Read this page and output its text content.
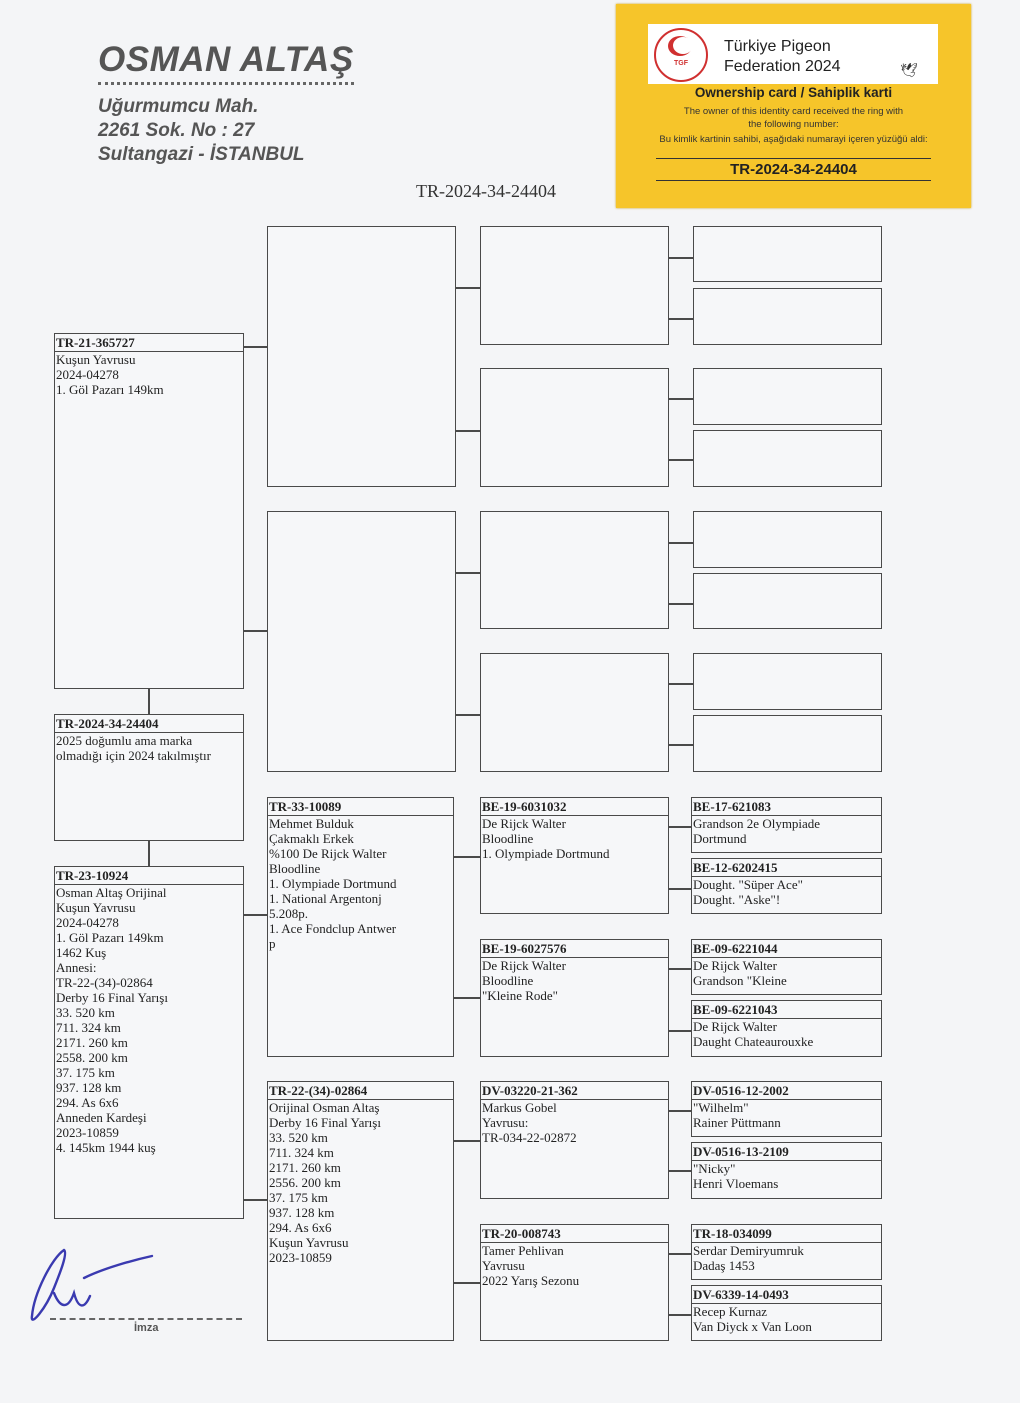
OSMAN ALTAŞ
Uğurmumcu Mah.
2261 Sok. No : 27
Sultangazi - İSTANBUL
TR-2024-34-24404
TGF
Türkiye Pigeon
Federation 2024	🕊
Ownership card / Sahiplik karti
The owner of this identity card received the ring with
the following number:
Bu kimlik kartinin sahibi, aşağıdaki numarayi içeren yüzüğü aldi:
TR-2024-34-24404
TR-21-365727
Kuşun Yavrusu
2024-04278
1. Göl Pazarı 149km
TR-2024-34-24404
2025 doğumlu ama marka
olmadığı için 2024 takılmıştır
TR-23-10924
Osman Altaş Orijinal
Kuşun Yavrusu
2024-04278
1. Göl Pazarı 149km
1462 Kuş
Annesi:
TR-22-(34)-02864
Derby 16 Final Yarışı
33. 520 km
711. 324 km
2171. 260 km
2558. 200 km
37. 175 km
937. 128 km
294. As 6x6
Anneden Kardeşi
2023-10859
4. 145km 1944 kuş
TR-33-10089
Mehmet Bulduk
Çakmaklı Erkek
%100 De Rijck Walter
Bloodline
1. Olympiade Dortmund
1. National Argentonj
5.208p.
1. Ace Fondclup Antwer
p
TR-22-(34)-02864
Orijinal Osman Altaş
Derby 16 Final Yarışı
33. 520 km
711. 324 km
2171. 260 km
2556. 200 km
37. 175 km
937. 128 km
294. As 6x6
Kuşun Yavrusu
2023-10859
BE-19-6031032
De Rijck Walter
Bloodline
1. Olympiade Dortmund
BE-19-6027576
De Rijck Walter
Bloodline
"Kleine Rode"
DV-03220-21-362
Markus Gobel
Yavrusu:
TR-034-22-02872
TR-20-008743
Tamer Pehlivan
Yavrusu
2022 Yarış Sezonu
BE-17-621083
Grandson 2e Olympiade
Dortmund
BE-12-6202415
Dought. "Süper Ace"
Dought. "Aske"!
BE-09-6221044
De Rijck Walter
Grandson "Kleine
BE-09-6221043
De Rijck Walter
Daught Chateaurouxke
DV-0516-12-2002
"Wilhelm"
Rainer Püttmann
DV-0516-13-2109
"Nicky"
Henri Vloemans
TR-18-034099
Serdar Demiryumruk
Dadaş 1453
DV-6339-14-0493
Recep Kurnaz
Van Diyck x Van Loon
İmza
